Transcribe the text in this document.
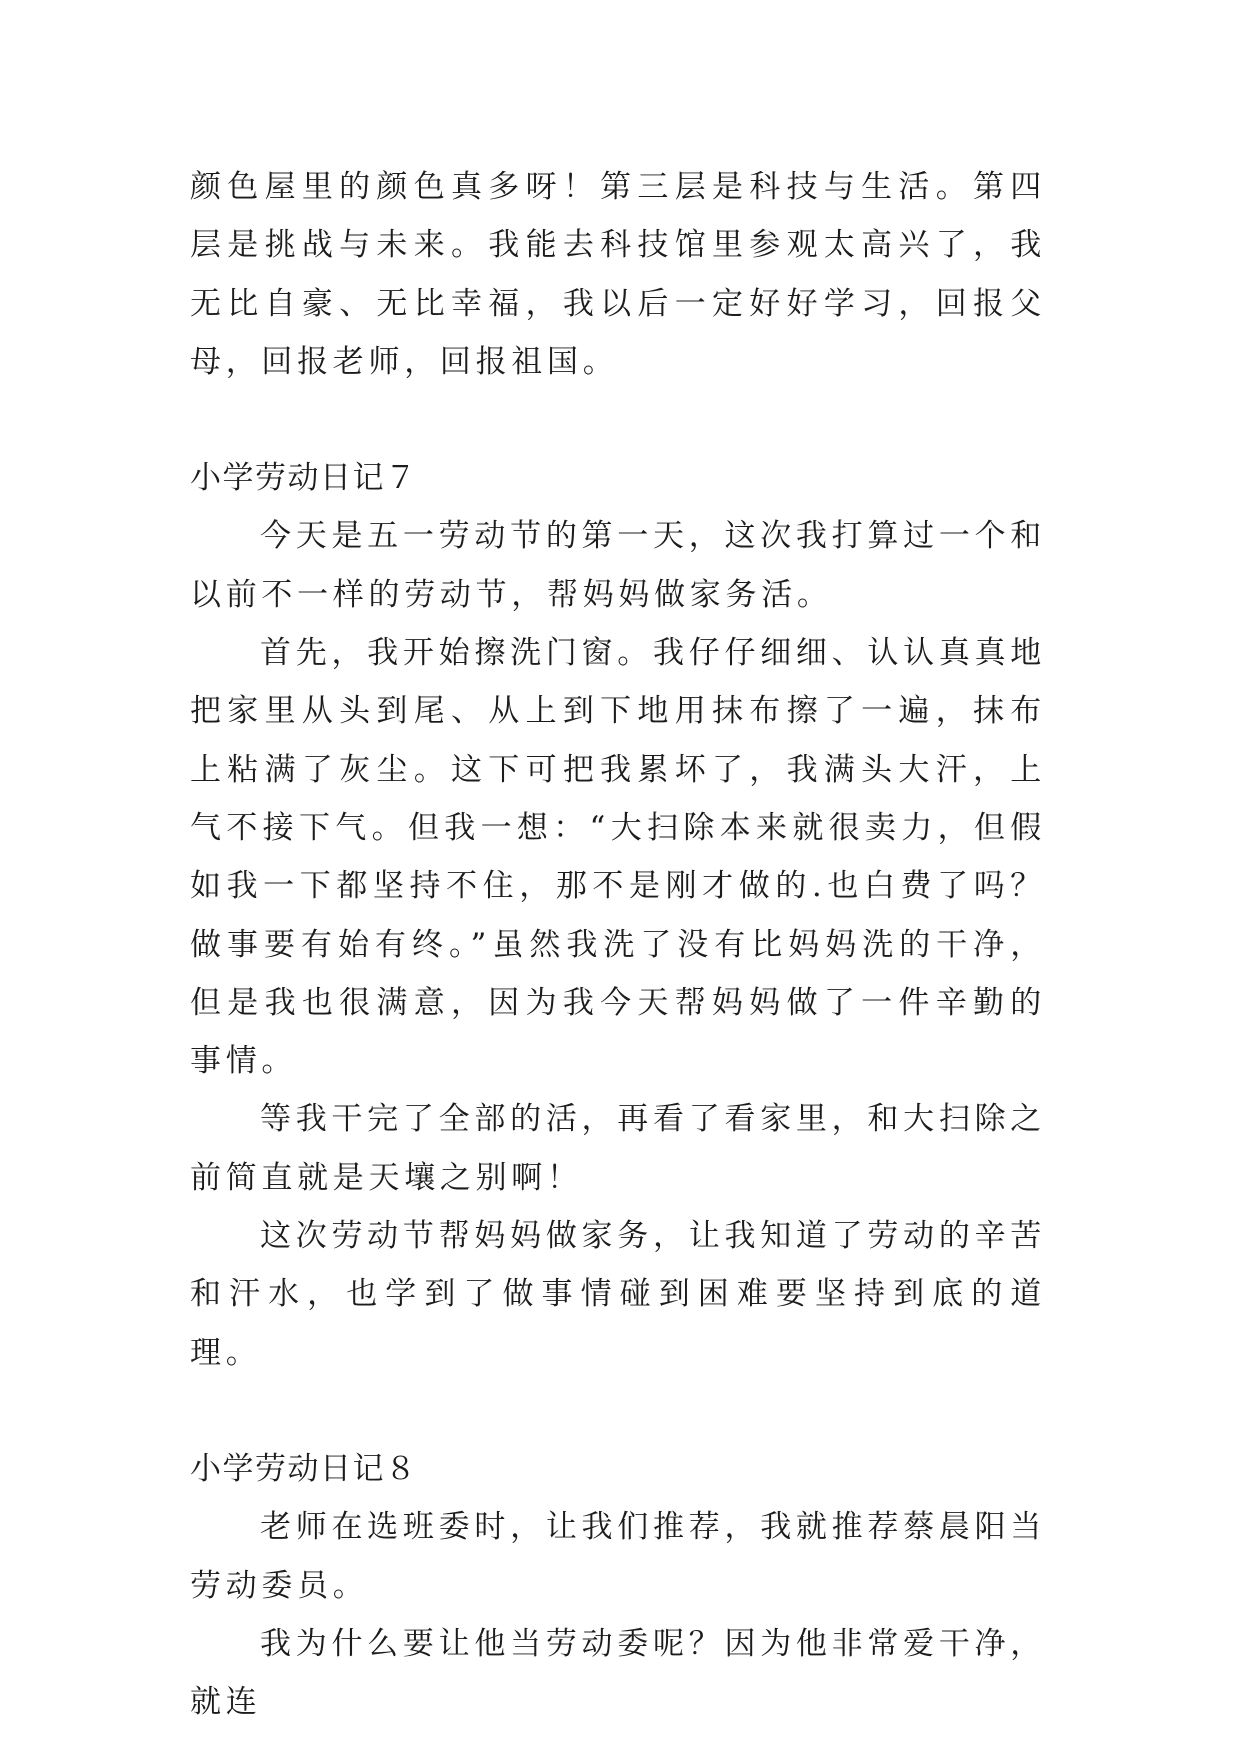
颜色屋里的颜色真多呀！第三层是科技与生活。第四层是挑战与未来。我能去科技馆里参观太高兴了，我无比自豪、无比幸福，我以后一定好好学习，回报父母，回报老师，回报祖国。

小学劳动日记７

今天是五一劳动节的第一天，这次我打算过一个和以前不一样的劳动节，帮妈妈做家务活。

首先，我开始擦洗门窗。我仔仔细细、认认真真地把家里从头到尾、从上到下地用抹布擦了一遍，抹布上粘满了灰尘。这下可把我累坏了，我满头大汗，上气不接下气。但我一想：“大扫除本来就很卖力，但假如我一下都坚持不住，那不是刚才做的.也白费了吗？做事要有始有终。”虽然我洗了没有比妈妈洗的干净，但是我也很满意，因为我今天帮妈妈做了一件辛勤的事情。

等我干完了全部的活，再看了看家里，和大扫除之前简直就是天壤之别啊！

这次劳动节帮妈妈做家务，让我知道了劳动的辛苦和汗水，也学到了做事情碰到困难要坚持到底的道理。

小学劳动日记８

老师在选班委时，让我们推荐，我就推荐蔡晨阳当劳动委员。

我为什么要让他当劳动委呢？因为他非常爱干净，就连
